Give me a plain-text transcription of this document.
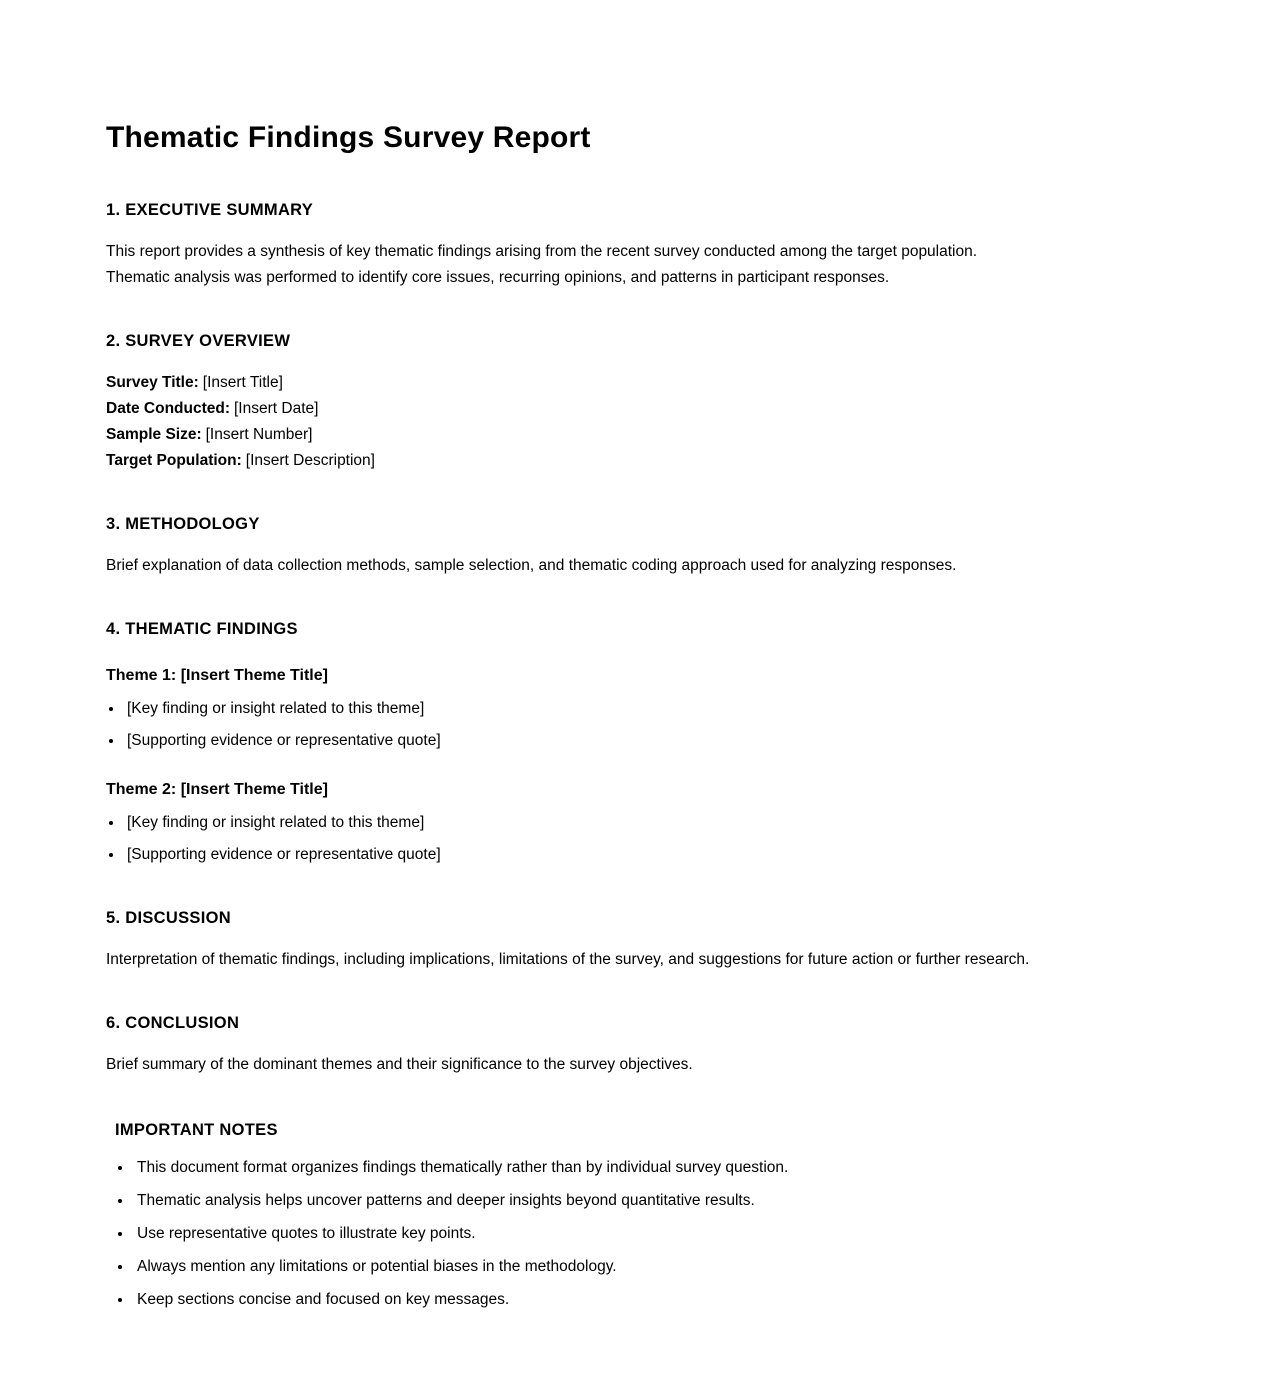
Thematic Findings Survey Report
1. EXECUTIVE SUMMARY

This report provides a synthesis of key thematic findings arising from the recent survey conducted among the target population. Thematic analysis was performed to identify core issues, recurring opinions, and patterns in participant responses.

2. SURVEY OVERVIEW
Survey Title: [Insert Title]
Date Conducted: [Insert Date]
Sample Size: [Insert Number]
Target Population: [Insert Description]
3. METHODOLOGY

Brief explanation of data collection methods, sample selection, and thematic coding approach used for analyzing responses.

4. THEMATIC FINDINGS
Theme 1: [Insert Theme Title]
• [Key finding or insight related to this theme]
• [Supporting evidence or representative quote]
Theme 2: [Insert Theme Title]
• [Key finding or insight related to this theme]
• [Supporting evidence or representative quote]
5. DISCUSSION

Interpretation of thematic findings, including implications, limitations of the survey, and suggestions for future action or further research.

6. CONCLUSION

Brief summary of the dominant themes and their significance to the survey objectives.

IMPORTANT NOTES
• This document format organizes findings thematically rather than by individual survey question.
• Thematic analysis helps uncover patterns and deeper insights beyond quantitative results.
• Use representative quotes to illustrate key points.
• Always mention any limitations or potential biases in the methodology.
• Keep sections concise and focused on key messages.
